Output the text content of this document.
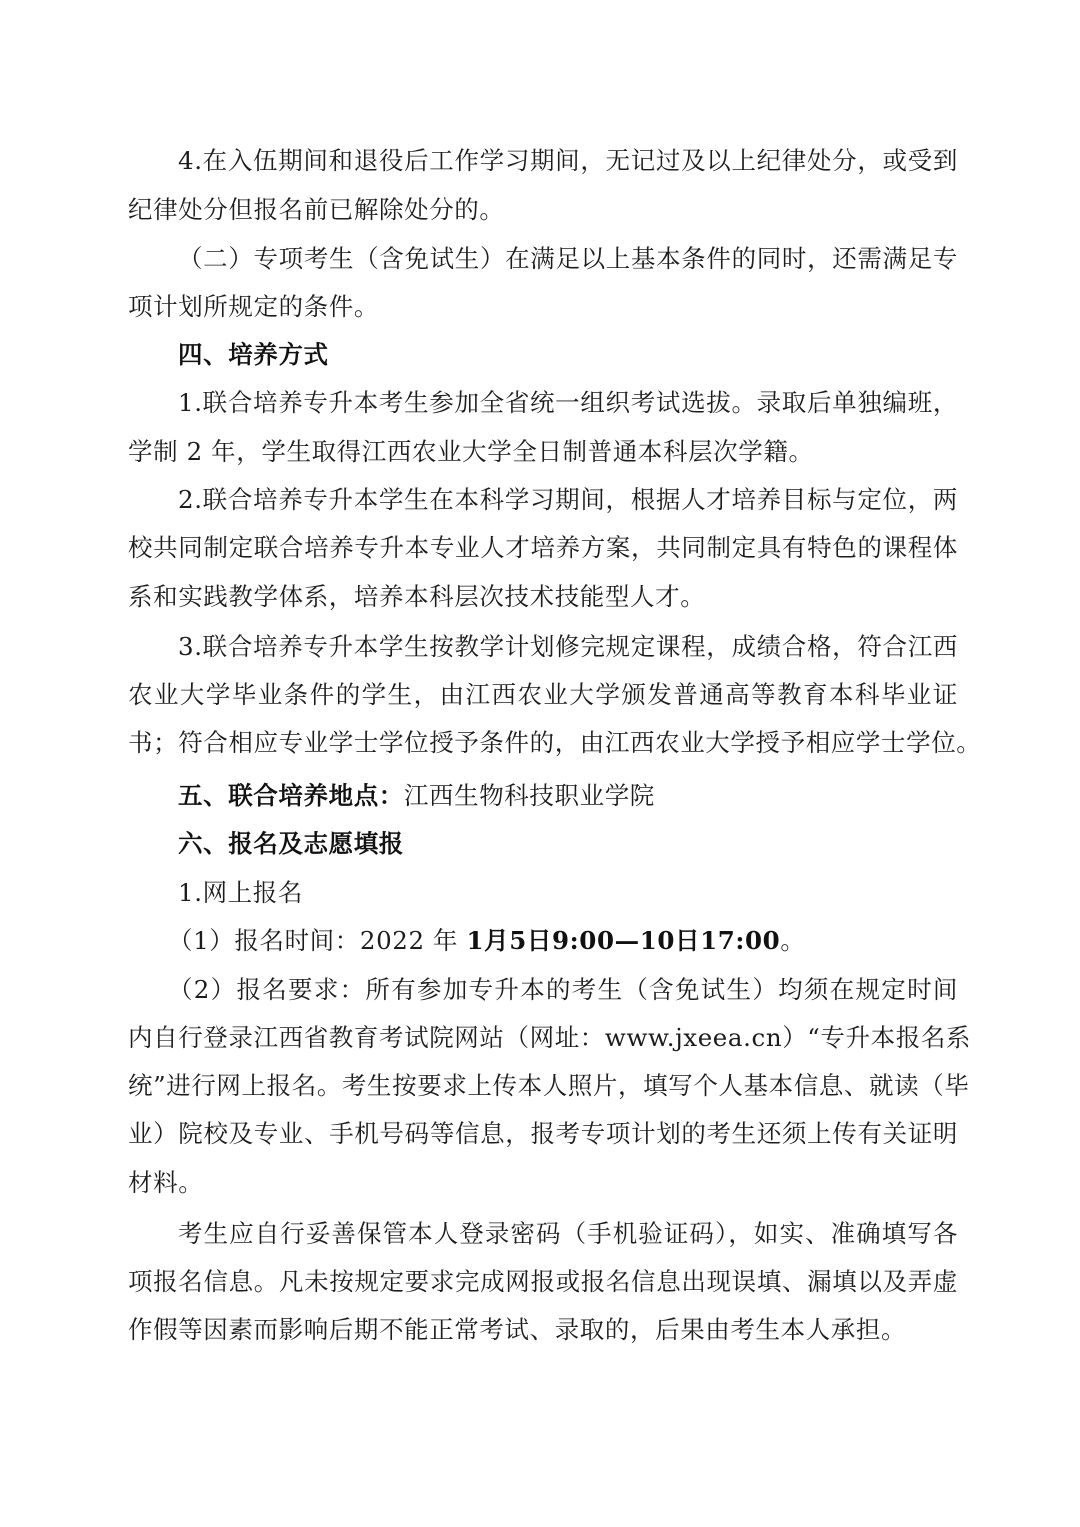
4.在入伍期间和退役后工作学习期间，无记过及以上纪律处分，或受到
纪律处分但报名前已解除处分的。
（二）专项考生（含免试生）在满足以上基本条件的同时，还需满足专
项计划所规定的条件。
四、培养方式
1.联合培养专升本考生参加全省统一组织考试选拔。录取后单独编班，
学制 2 年，学生取得江西农业大学全日制普通本科层次学籍。
2.联合培养专升本学生在本科学习期间，根据人才培养目标与定位，两
校共同制定联合培养专升本专业人才培养方案，共同制定具有特色的课程体
系和实践教学体系，培养本科层次技术技能型人才。
3.联合培养专升本学生按教学计划修完规定课程，成绩合格，符合江西
农业大学毕业条件的学生，由江西农业大学颁发普通高等教育本科毕业证
书；符合相应专业学士学位授予条件的，由江西农业大学授予相应学士学位。
五、联合培养地点：江西生物科技职业学院
六、报名及志愿填报
1.网上报名
（1）报名时间：2022 年 1月5日9:00—10日17:00。
（2）报名要求：所有参加专升本的考生（含免试生）均须在规定时间
内自行登录江西省教育考试院网站（网址：www.jxeea.cn）“专升本报名系
统”进行网上报名。考生按要求上传本人照片，填写个人基本信息、就读（毕
业）院校及专业、手机号码等信息，报考专项计划的考生还须上传有关证明
材料。
考生应自行妥善保管本人登录密码（手机验证码），如实、准确填写各
项报名信息。凡未按规定要求完成网报或报名信息出现误填、漏填以及弄虚
作假等因素而影响后期不能正常考试、录取的，后果由考生本人承担。
